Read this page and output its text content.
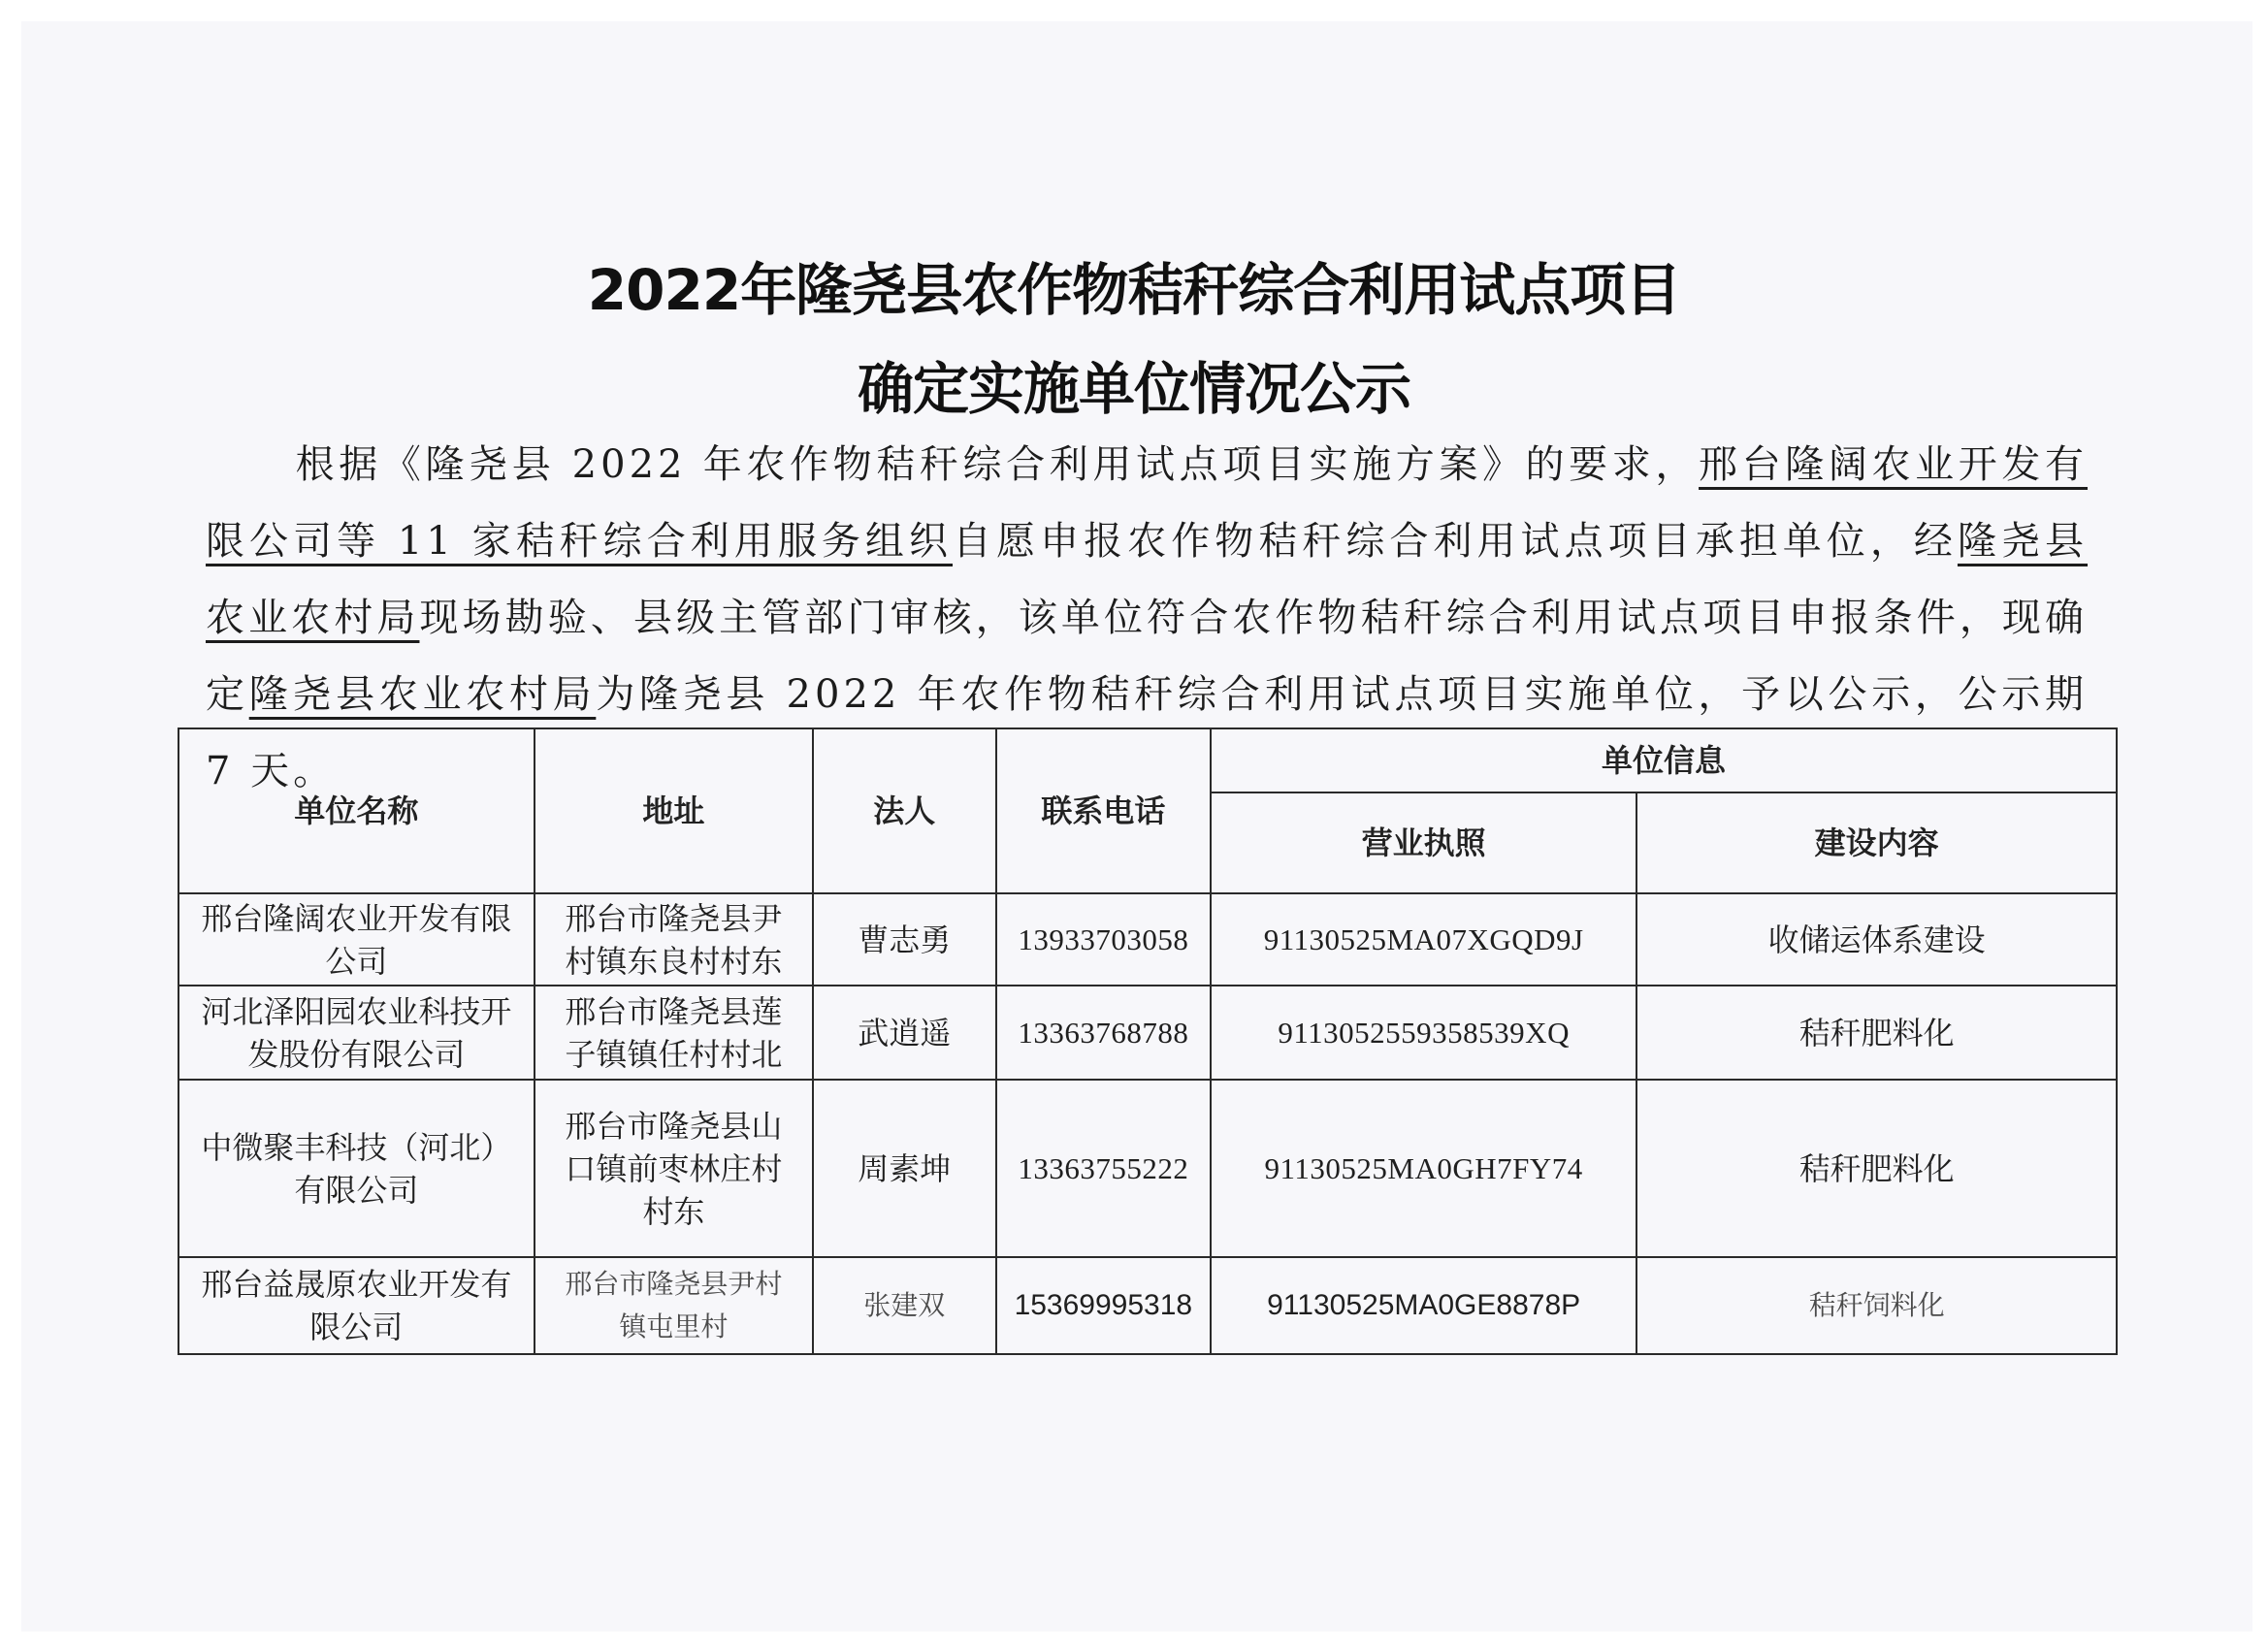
2022年隆尧县农作物秸秆综合利用试点项目
确定实施单位情况公示
根据《隆尧县 2022 年农作物秸秆综合利用试点项目实施方案》的要求，邢台隆阔农业开发有限公司等 11 家秸秆综合利用服务组织自愿申报农作物秸秆综合利用试点项目承担单位，经隆尧县农业农村局现场勘验、县级主管部门审核，该单位符合农作物秸秆综合利用试点项目申报条件，现确定隆尧县农业农村局为隆尧县 2022 年农作物秸秆综合利用试点项目实施单位，予以公示，公示期 7 天。
单位名称	地址	法人	联系电话	单位信息	
				营业执照	建设内容
邢台隆阔农业开发有限公司	邢台市隆尧县尹村镇东良村村东	曹志勇	13933703058	91130525MA07XGQD9J	收储运体系建设
河北泽阳园农业科技开发股份有限公司	邢台市隆尧县莲子镇镇任村村北	武逍遥	13363768788	9113052559358539XQ	秸秆肥料化
中微聚丰科技（河北）有限公司	邢台市隆尧县山口镇前枣林庄村村东	周素坤	13363755222	91130525MA0GH7FY74	秸秆肥料化
邢台益晟原农业开发有限公司	邢台市隆尧县尹村镇屯里村	张建双	15369995318	91130525MA0GE8878P	秸秆饲料化
